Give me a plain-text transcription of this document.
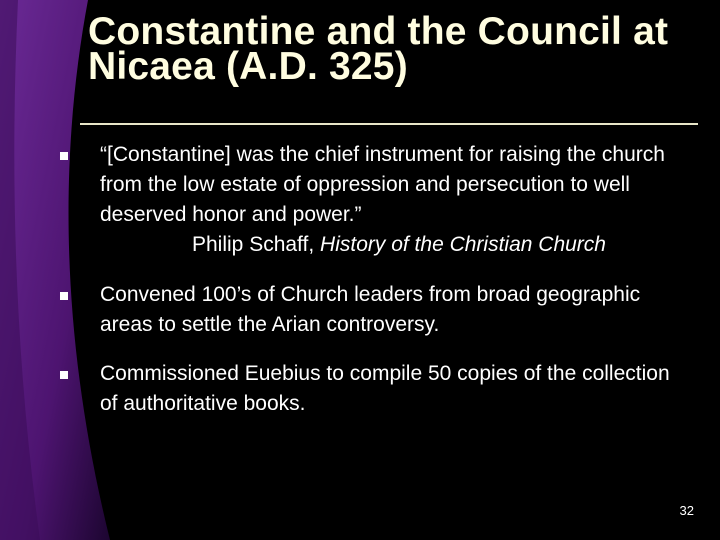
Constantine and the Council at Nicaea (A.D. 325)
“[Constantine] was the chief instrument for raising the church from the low estate of oppression and persecution to well deserved honor and power.”
Philip Schaff, History of the Christian Church
Convened 100’s of Church leaders from broad geographic areas to settle the Arian controversy.
Commissioned Euebius to compile 50 copies of the collection of authoritative books.
32
